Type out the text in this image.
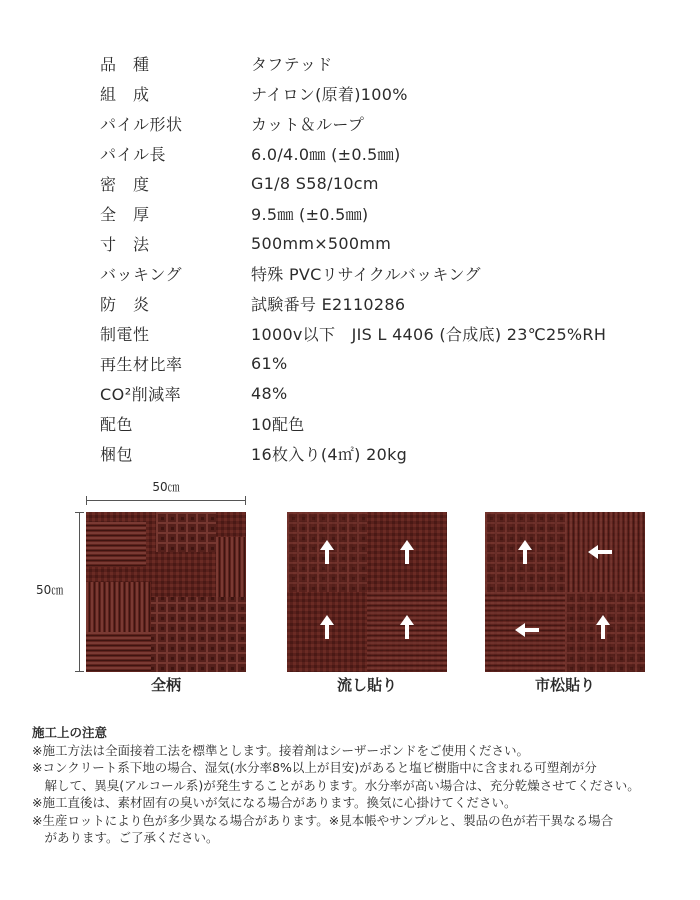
品　種	タフテッド
組　成	ナイロン(原着)100%
パイル形状	カット＆ループ
パイル長	6.0/4.0㎜ (±0.5㎜)
密　度	G1/8 S58/10cm
全　厚	9.5㎜ (±0.5㎜)
寸　法	500mm×500mm
バッキング	特殊 PVCリサイクルバッキング
防　炎	試験番号 E2110286
制電性	1000v以下　JIS L 4406 (合成底) 23℃25%RH
再生材比率	61%
CO²削減率	48%
配色	10配色
梱包	16枚入り(4㎡) 20kg
50㎝
50㎝
全柄	流し貼り	市松貼り
施工上の注意
※施工方法は全面接着工法を標準とします。接着剤はシーザーボンドをご使用ください。
※コンクリート系下地の場合、湿気(水分率8%以上が目安)があると塩ビ樹脂中に含まれる可塑剤が分
　解して、異臭(アルコール系)が発生することがあります。水分率が高い場合は、充分乾燥させてください。
※施工直後は、素材固有の臭いが気になる場合があります。換気に心掛けてください。
※生産ロットにより色が多少異なる場合があります。※見本帳やサンプルと、製品の色が若干異なる場合
　があります。ご了承ください。
